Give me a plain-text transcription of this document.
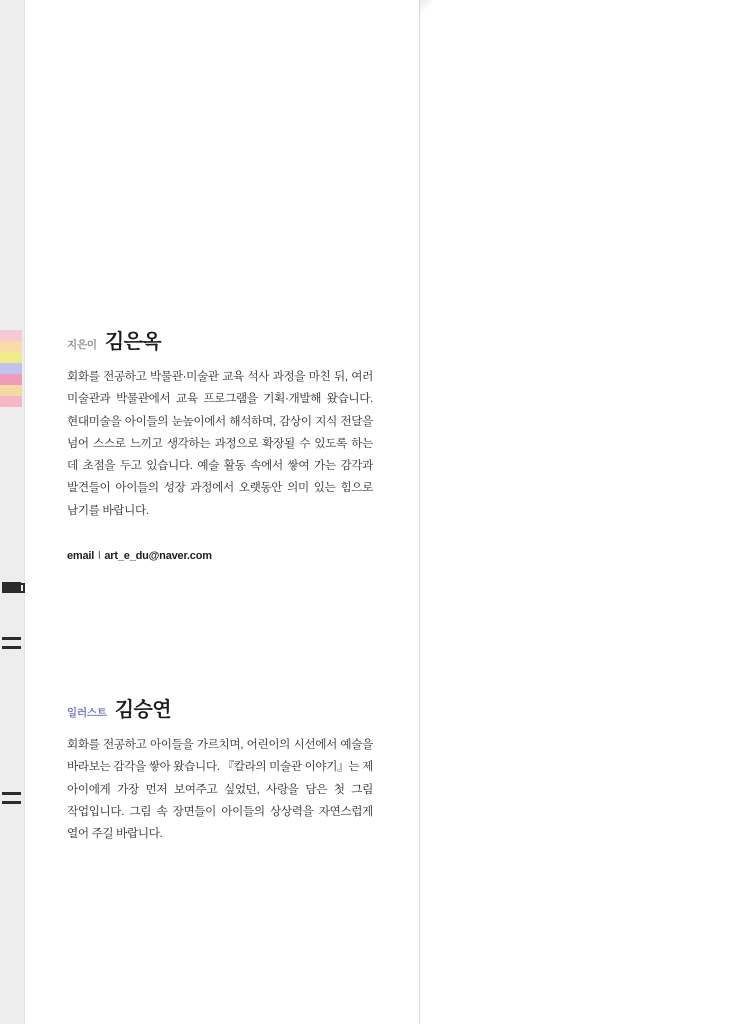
지은이 김은옥

회화를 전공하고 박물관·미술관 교육 석사 과정을 마친 뒤, 여러 미술관과 박물관에서 교육 프로그램을 기획·개발해 왔습니다. 현대미술을 아이들의 눈높이에서 해석하며, 감상이 지식 전달을 넘어 스스로 느끼고 생각하는 과정으로 확장될 수 있도록 하는 데 초점을 두고 있습니다. 예술 활동 속에서 쌓여 가는 감각과 발견들이 아이들의 성장 과정에서 오랫동안 의미 있는 힘으로 남기를 바랍니다.

email l art_e_du@naver.com
일러스트 김승연

회화를 전공하고 아이들을 가르치며, 어린이의 시선에서 예술을 바라보는 감각을 쌓아 왔습니다. 『칼라의 미술관 이야기』는 제 아이에게 가장 먼저 보여주고 싶었던, 사랑을 담은 첫 그림 작업입니다. 그림 속 장면들이 아이들의 상상력을 자연스럽게 열어 주길 바랍니다.
